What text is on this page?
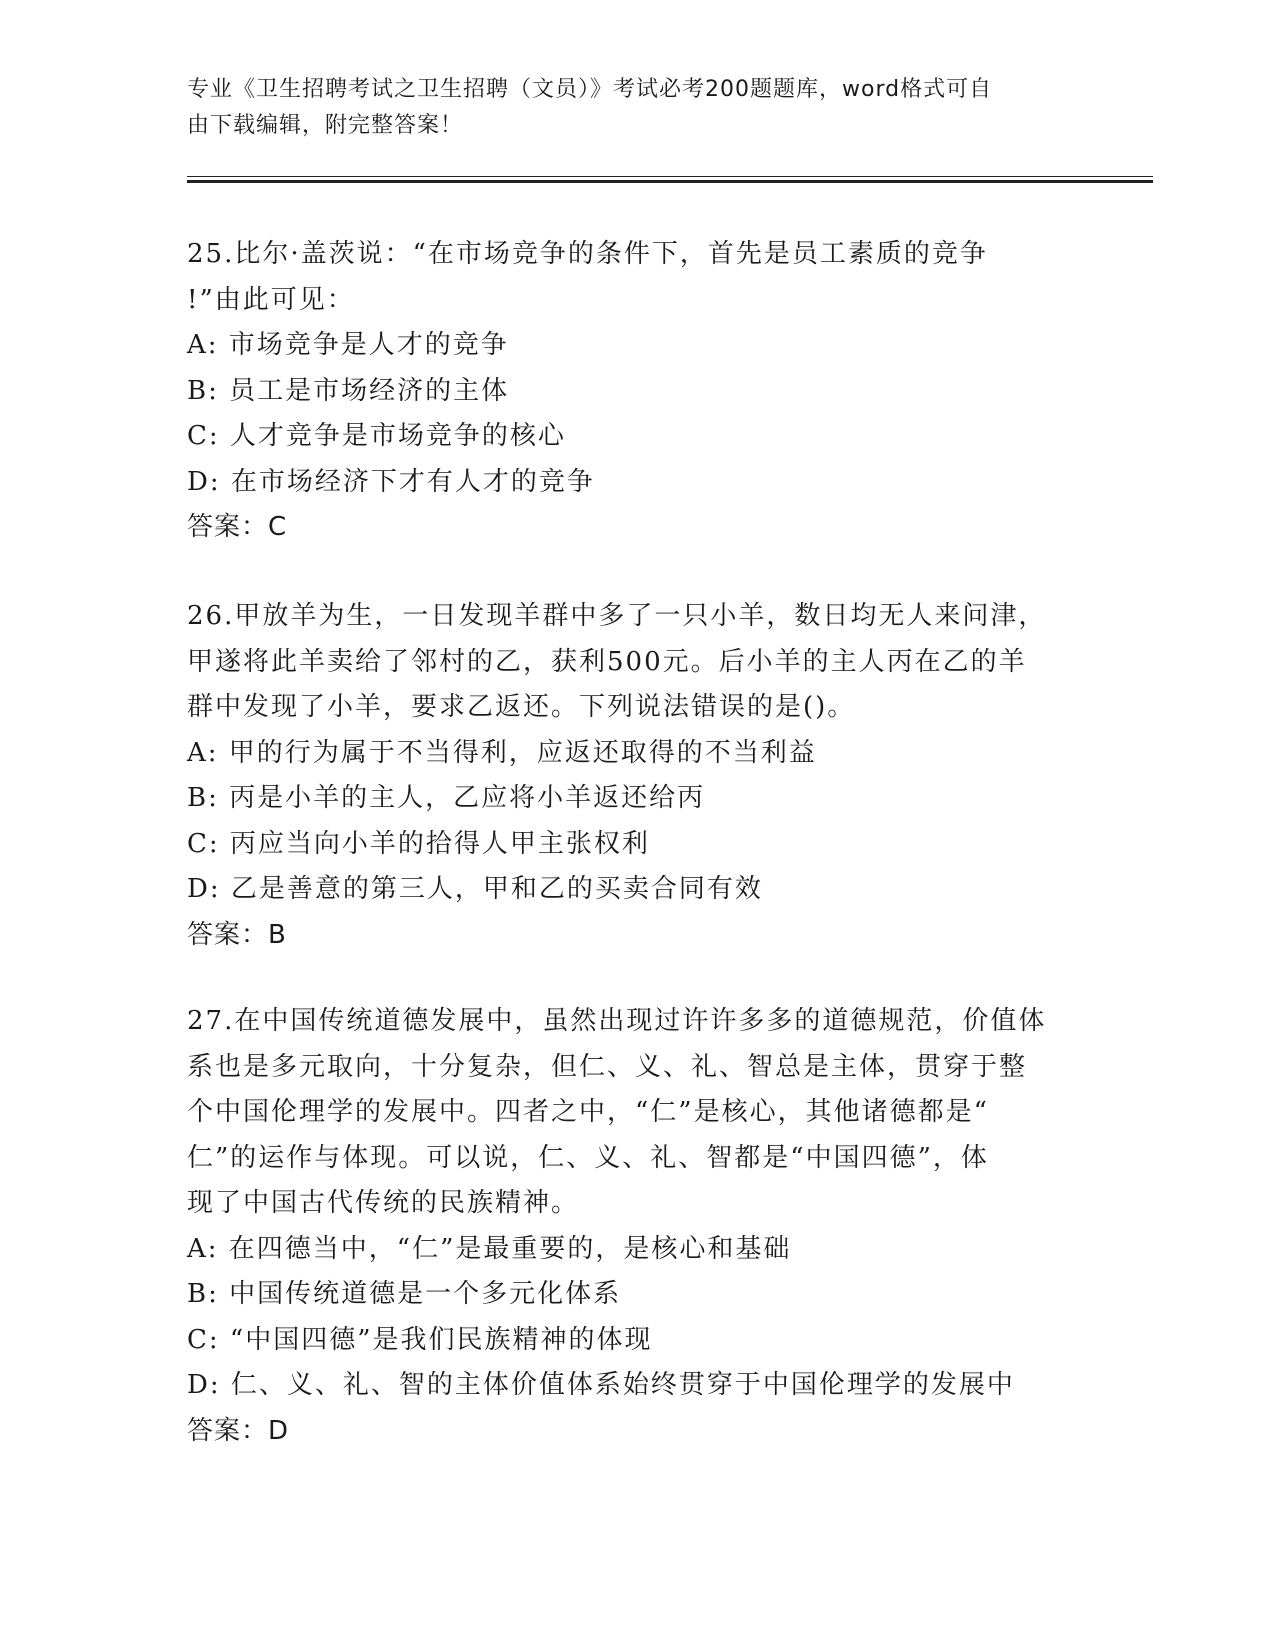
专业《卫生招聘考试之卫生招聘（文员）》考试必考200题题库，word格式可自
由下载编辑，附完整答案！
25.比尔·盖茨说：“在市场竞争的条件下，首先是员工素质的竞争
!”由此可见：
A: 市场竞争是人才的竞争
B: 员工是市场经济的主体
C: 人才竞争是市场竞争的核心
D: 在市场经济下才有人才的竞争
答案：C
26.甲放羊为生，一日发现羊群中多了一只小羊，数日均无人来问津，
甲遂将此羊卖给了邻村的乙，获利500元。后小羊的主人丙在乙的羊
群中发现了小羊，要求乙返还。下列说法错误的是()。
A: 甲的行为属于不当得利，应返还取得的不当利益
B: 丙是小羊的主人，乙应将小羊返还给丙
C: 丙应当向小羊的拾得人甲主张权利
D: 乙是善意的第三人，甲和乙的买卖合同有效
答案：B
27.在中国传统道德发展中，虽然出现过许许多多的道德规范，价值体
系也是多元取向，十分复杂，但仁、义、礼、智总是主体，贯穿于整
个中国伦理学的发展中。四者之中，“仁”是核心，其他诸德都是“
仁”的运作与体现。可以说，仁、义、礼、智都是“中国四德”，体
现了中国古代传统的民族精神。
A: 在四德当中，“仁”是最重要的，是核心和基础
B: 中国传统道德是一个多元化体系
C: “中国四德”是我们民族精神的体现
D: 仁、义、礼、智的主体价值体系始终贯穿于中国伦理学的发展中
答案：D
